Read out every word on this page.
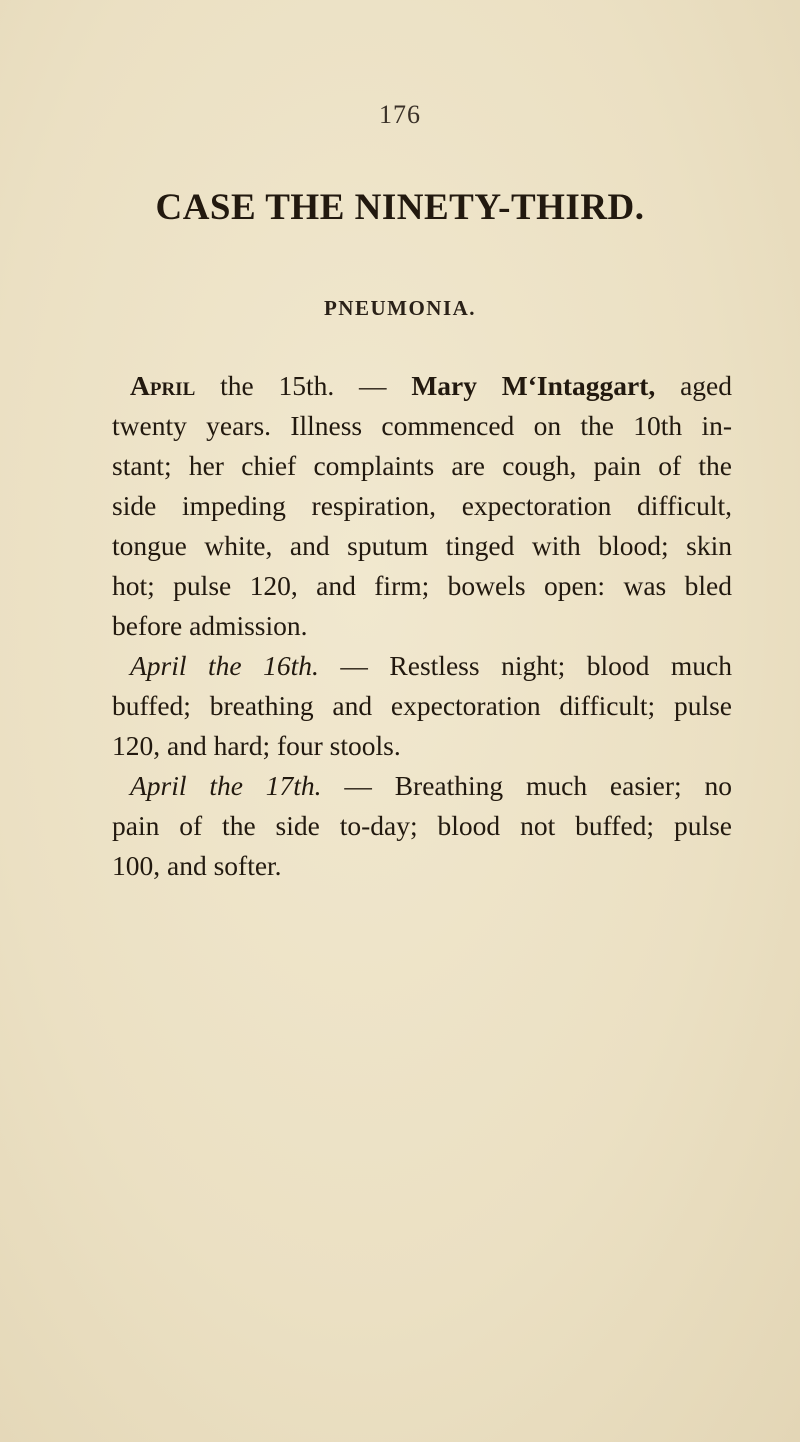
176
CASE THE NINETY-THIRD.
PNEUMONIA.
April the 15th. — Mary M‘Intaggart, aged
twenty years. Illness commenced on the 10th in-
stant; her chief complaints are cough, pain of the
side impeding respiration, expectoration difficult,
tongue white, and sputum tinged with blood; skin
hot; pulse 120, and firm; bowels open: was bled
before admission.
April the 16th. — Restless night; blood much
buffed; breathing and expectoration difficult; pulse
120, and hard; four stools.
April the 17th. — Breathing much easier; no
pain of the side to-day; blood not buffed; pulse
100, and softer.
